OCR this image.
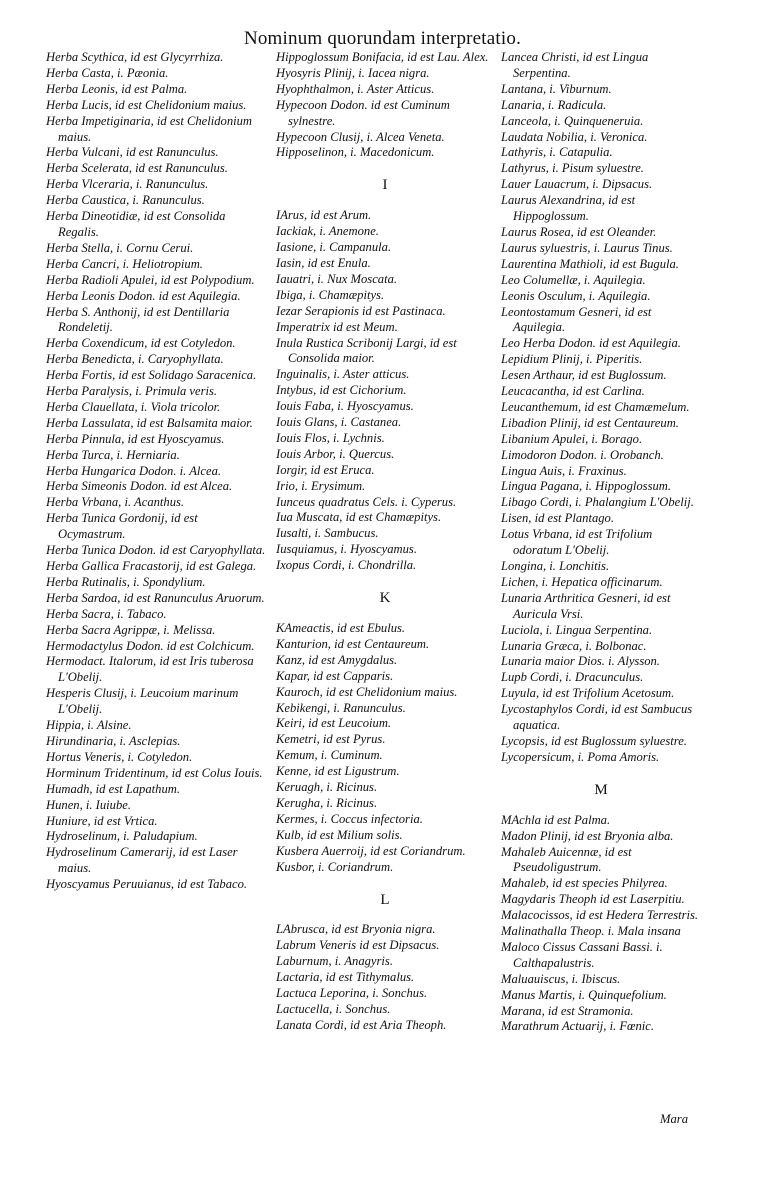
Nominum quorundam interpretatio.

Herba Scythica, id est Glycyrrhiza.

Herba Casta, i. Pæonia.

Herba Leonis, id est Palma.

Herba Lucis, id est Chelidonium maius.

Herba Impetiginaria, id est Chelidonium maius.

Herba Vulcani, id est Ranunculus.

Herba Scelerata, id est Ranunculus.

Herba Vlceraria, i. Ranunculus.

Herba Caustica, i. Ranunculus.

Herba Dineotidiæ, id est Consolida Regalis.

Herba Stella, i. Cornu Cerui.

Herba Cancri, i. Heliotropium.

Herba Radioli Apulei, id est Polypodium.

Herba Leonis Dodon. id est Aquilegia.

Herba S. Anthonij, id est Dentillaria Rondeletij.

Herba Coxendicum, id est Cotyledon.

Herba Benedicta, i. Caryophyllata.

Herba Fortis, id est Solidago Saracenica.

Herba Paralysis, i. Primula veris.

Herba Clauellata, i. Viola tricolor.

Herba Lassulata, id est Balsamita maior.

Herba Pinnula, id est Hyoscyamus.

Herba Turca, i. Herniaria.

Herba Hungarica Dodon. i. Alcea.

Herba Simeonis Dodon. id est Alcea.

Herba Vrbana, i. Acanthus.

Herba Tunica Gordonij, id est Ocymastrum.

Herba Tunica Dodon. id est Caryophyllata.

Herba Gallica Fracastorij, id est Galega.

Herba Rutinalis, i. Spondylium.

Herba Sardoa, id est Ranunculus Aruorum.

Herba Sacra, i. Tabaco.

Herba Sacra Agrippæ, i. Melissa.

Hermodactylus Dodon. id est Colchicum.

Hermodact. Italorum, id est Iris tuberosa L'Obelij.

Hesperis Clusij, i. Leucoium marinum L'Obelij.

Hippia, i. Alsine.

Hirundinaria, i. Asclepias.

Hortus Veneris, i. Cotyledon.

Horminum Tridentinum, id est Colus Iouis.

Humadh, id est Lapathum.

Hunen, i. Iuiube.

Huniure, id est Vrtica.

Hydroselinum, i. Paludapium.

Hydroselinum Camerarij, id est Laser maius.

Hyoscyamus Peruuianus, id est Tabaco.

Hippoglossum Bonifacia, id est Lau. Alex.

Hyosyris Plinij, i. Iacea nigra.

Hyophthalmon, i. Aster Atticus.

Hypecoon Dodon. id est Cuminum sylnestre.

Hypecoon Clusij, i. Alcea Veneta.

Hipposelinon, i. Macedonicum.

I

IArus, id est Arum.

Iackiak, i. Anemone.

Iasione, i. Campanula.

Iasin, id est Enula.

Iauatri, i. Nux Moscata.

Ibiga, i. Chamæpitys.

Iezar Serapionis id est Pastinaca.

Imperatrix id est Meum.

Inula Rustica Scribonij Largi, id est Consolida maior.

Inguinalis, i. Aster atticus.

Intybus, id est Cichorium.

Iouis Faba, i. Hyoscyamus.

Iouis Glans, i. Castanea.

Iouis Flos, i. Lychnis.

Iouis Arbor, i. Quercus.

Iorgir, id est Eruca.

Irio, i. Erysimum.

Iunceus quadratus Cels. i. Cyperus.

Iua Muscata, id est Chamæpitys.

Iusalti, i. Sambucus.

Iusquiamus, i. Hyoscyamus.

Ixopus Cordi, i. Chondrilla.

K

KAmeactis, id est Ebulus.

Kanturion, id est Centaureum.

Kanz, id est Amygdalus.

Kapar, id est Capparis.

Kauroch, id est Chelidonium maius.

Kebikengi, i. Ranunculus.

Keiri, id est Leucoium.

Kemetri, id est Pyrus.

Kemum, i. Cuminum.

Kenne, id est Ligustrum.

Keruagh, i. Ricinus.

Kerugha, i. Ricinus.

Kermes, i. Coccus infectoria.

Kulb, id est Milium solis.

Kusbera Auerroij, id est Coriandrum.

Kusbor, i. Coriandrum.

L

LAbrusca, id est Bryonia nigra.

Labrum Veneris id est Dipsacus.

Laburnum, i. Anagyris.

Lactaria, id est Tithymalus.

Lactuca Leporina, i. Sonchus.

Lactucella, i. Sonchus.

Lanata Cordi, id est Aria Theoph.

Lancea Christi, id est Lingua Serpentina.

Lantana, i. Viburnum.

Lanaria, i. Radicula.

Lanceola, i. Quinqueneruia.

Laudata Nobilia, i. Veronica.

Lathyris, i. Catapulia.

Lathyrus, i. Pisum syluestre.

Lauer Lauacrum, i. Dipsacus.

Laurus Alexandrina, id est Hippoglossum.

Laurus Rosea, id est Oleander.

Laurus syluestris, i. Laurus Tinus.

Laurentina Mathioli, id est Bugula.

Leo Columellæ, i. Aquilegia.

Leonis Osculum, i. Aquilegia.

Leontostamum Gesneri, id est Aquilegia.

Leo Herba Dodon. id est Aquilegia.

Lepidium Plinij, i. Piperitis.

Lesen Arthaur, id est Buglossum.

Leucacantha, id est Carlina.

Leucanthemum, id est Chamæmelum.

Libadion Plinij, id est Centaureum.

Libanium Apulei, i. Borago.

Limodoron Dodon. i. Orobanch.

Lingua Auis, i. Fraxinus.

Lingua Pagana, i. Hippoglossum.

Libago Cordi, i. Phalangium L'Obelij.

Lisen, id est Plantago.

Lotus Vrbana, id est Trifolium odoratum L'Obelij.

Longina, i. Lonchitis.

Lichen, i. Hepatica officinarum.

Lunaria Arthritica Gesneri, id est Auricula Vrsi.

Luciola, i. Lingua Serpentina.

Lunaria Græca, i. Bolbonac.

Lunaria maior Dios. i. Alysson.

Lupb Cordi, i. Dracunculus.

Luyula, id est Trifolium Acetosum.

Lycostaphylos Cordi, id est Sambucus aquatica.

Lycopsis, id est Buglossum syluestre.

Lycopersicum, i. Poma Amoris.

M

MAchla id est Palma.

Madon Plinij, id est Bryonia alba.

Mahaleb Auicennæ, id est Pseudoligustrum.

Mahaleb, id est species Philyrea.

Magydaris Theoph id est Laserpitiu.

Malacocissos, id est Hedera Terrestris.

Malinathalla Theop. i. Mala insana

Maloco Cissus Cassani Bassi. i. Calthapalustris.

Maluauiscus, i. Ibiscus.

Manus Martis, i. Quinquefolium.

Marana, id est Stramonia.

Marathrum Actuarij, i. Fœnic.

Mara
